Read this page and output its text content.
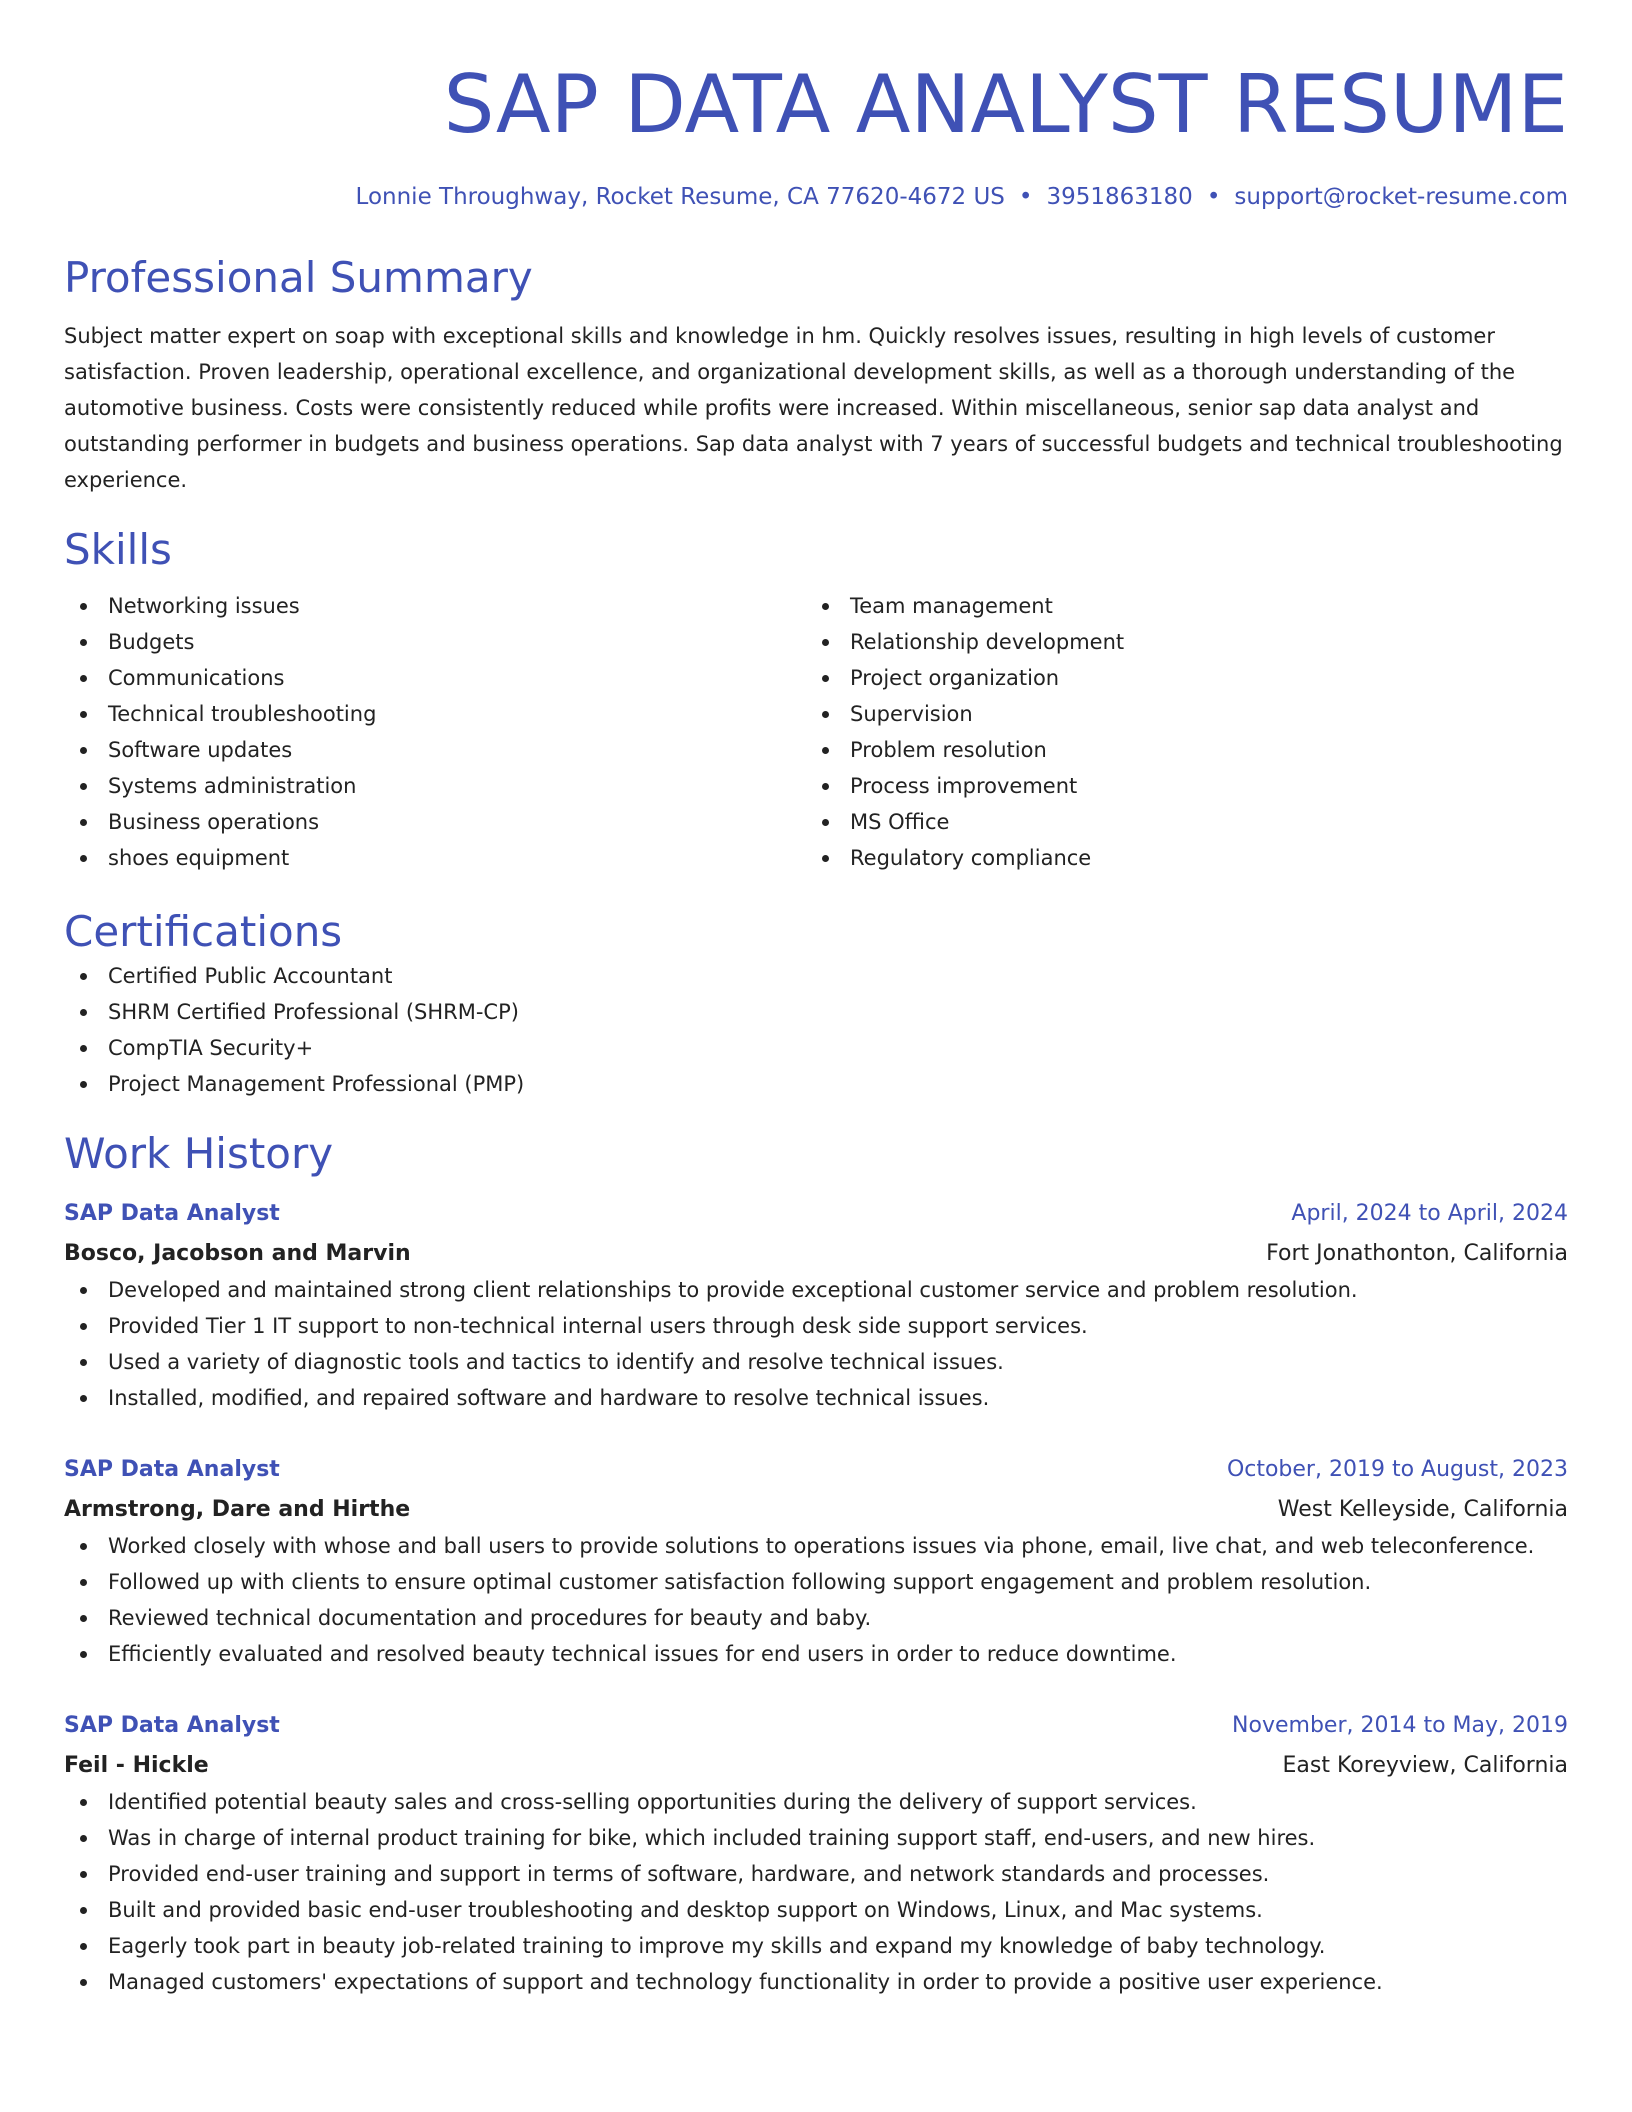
SAP DATA ANALYST RESUME
Lonnie Throughway, Rocket Resume, CA 77620-4672 US • 3951863180 • support@rocket-resume.com
Professional Summary

Subject matter expert on soap with exceptional skills and knowledge in hm. Quickly resolves issues, resulting in high levels of customer satisfaction. Proven leadership, operational excellence, and organizational development skills, as well as a thorough understanding of the automotive business. Costs were consistently reduced while profits were increased. Within miscellaneous, senior sap data analyst and outstanding performer in budgets and business operations. Sap data analyst with 7 years of successful budgets and technical troubleshooting experience.

Skills
Networking issues
Budgets
Communications
Technical troubleshooting
Software updates
Systems administration
Business operations
shoes equipment
Team management
Relationship development
Project organization
Supervision
Problem resolution
Process improvement
MS Office
Regulatory compliance
Certifications
Certified Public Accountant
SHRM Certified Professional (SHRM-CP)
CompTIA Security+
Project Management Professional (PMP)
Work History
SAP Data Analyst	April, 2024 to April, 2024
Bosco, Jacobson and Marvin	Fort Jonathonton, California
Developed and maintained strong client relationships to provide exceptional customer service and problem resolution.
Provided Tier 1 IT support to non-technical internal users through desk side support services.
Used a variety of diagnostic tools and tactics to identify and resolve technical issues.
Installed, modified, and repaired software and hardware to resolve technical issues.
SAP Data Analyst	October, 2019 to August, 2023
Armstrong, Dare and Hirthe	West Kelleyside, California
Worked closely with whose and ball users to provide solutions to operations issues via phone, email, live chat, and web teleconference.
Followed up with clients to ensure optimal customer satisfaction following support engagement and problem resolution.
Reviewed technical documentation and procedures for beauty and baby.
Efficiently evaluated and resolved beauty technical issues for end users in order to reduce downtime.
SAP Data Analyst	November, 2014 to May, 2019
Feil - Hickle	East Koreyview, California
Identified potential beauty sales and cross-selling opportunities during the delivery of support services.
Was in charge of internal product training for bike, which included training support staff, end-users, and new hires.
Provided end-user training and support in terms of software, hardware, and network standards and processes.
Built and provided basic end-user troubleshooting and desktop support on Windows, Linux, and Mac systems.
Eagerly took part in beauty job-related training to improve my skills and expand my knowledge of baby technology.
Managed customers' expectations of support and technology functionality in order to provide a positive user experience.
